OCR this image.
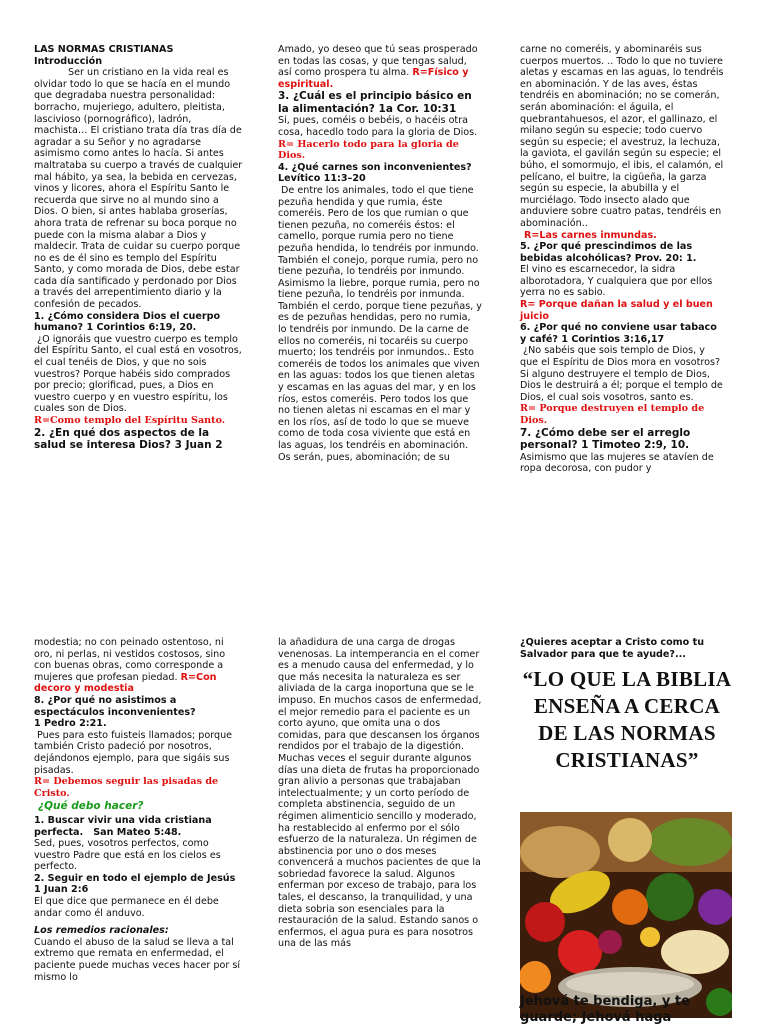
LAS NORMAS CRISTIANAS

Introducción

Ser un cristiano en la vida real es olvidar todo lo que se hacía en el mundo que degradaba nuestra personalidad: borracho, mujeriego, adultero, pleitista, lascivioso (pornográfico), ladrón, machista… El cristiano trata día tras día de agradar a su Señor y no agradarse asimismo como antes lo hacía. Si antes maltrataba su cuerpo a través de cualquier mal hábito, ya sea, la bebida en cervezas, vinos y licores, ahora el Espíritu Santo le recuerda que sirve no al mundo sino a Dios. O bien, si antes hablaba groserías, ahora trata de refrenar su boca porque no puede con la misma alabar a Dios y maldecir. Trata de cuidar su cuerpo porque no es de él sino es templo del Espíritu Santo, y como morada de Dios, debe estar cada día santificado y perdonado por Dios a través del arrepentimiento diario y la confesión de pecados.

1. ¿Cómo considera Dios el cuerpo humano? 1 Corintios 6:19, 20.

¿O ignoráis que vuestro cuerpo es templo del Espíritu Santo, el cual está en vosotros, el cual tenéis de Dios, y que no sois vuestros? Porque habéis sido comprados por precio; glorificad, pues, a Dios en vuestro cuerpo y en vuestro espíritu, los cuales son de Dios.

R=Como templo del Espíritu Santo.

2. ¿En qué dos aspectos de la salud se interesa Dios? 3 Juan 2

Amado, yo deseo que tú seas prosperado en todas las cosas, y que tengas salud, así como prospera tu alma. R=Físico y espiritual.

3. ¿Cuál es el principio básico en la alimentación? 1a Cor. 10:31

Si, pues, coméis o bebéis, o hacéis otra cosa, hacedlo todo para la gloria de Dios. R= Hacerlo todo para la gloria de Dios.

4. ¿Qué carnes son inconvenientes? Levítico 11:3–20

De entre los animales, todo el que tiene pezuña hendida y que rumia, éste comeréis. Pero de los que rumian o que tienen pezuña, no comeréis éstos: el camello, porque rumia pero no tiene pezuña hendida, lo tendréis por inmundo. También el conejo, porque rumia, pero no tiene pezuña, lo tendréis por inmundo. Asimismo la liebre, porque rumia, pero no tiene pezuña, lo tendréis por inmunda. También el cerdo, porque tiene pezuñas, y es de pezuñas hendidas, pero no rumia, lo tendréis por inmundo. De la carne de ellos no comeréis, ni tocaréis su cuerpo muerto; los tendréis por inmundos.. Esto comeréis de todos los animales que viven en las aguas: todos los que tienen aletas y escamas en las aguas del mar, y en los ríos, estos comeréis. Pero todos los que no tienen aletas ni escamas en el mar y en los ríos, así de todo lo que se mueve como de toda cosa viviente que está en las aguas, los tendréis en abominación. Os serán, pues, abominación; de su

carne no comeréis, y abominaréis sus cuerpos muertos. .. Todo lo que no tuviere aletas y escamas en las aguas, lo tendréis en abominación. Y de las aves, éstas tendréis en abominación; no se comerán, serán abominación: el águila, el quebrantahuesos, el azor, el gallinazo, el milano según su especie; todo cuervo según su especie; el avestruz, la lechuza, la gaviota, el gavilán según su especie; el búho, el somormujo, el ibis, el calamón, el pelícano, el buitre, la cigüeña, la garza según su especie, la abubilla y el murciélago. Todo insecto alado que anduviere sobre cuatro patas, tendréis en abominación..

R=Las carnes inmundas.

5. ¿Por qué prescindimos de las bebidas alcohólicas? Prov. 20: 1.

El vino es escarnecedor, la sidra alborotadora, Y cualquiera que por ellos yerra no es sabio.

R= Porque dañan la salud y el buen juicio

6. ¿Por qué no conviene usar tabaco y café? 1 Corintios 3:16,17

¿No sabéis que sois templo de Dios, y que el Espíritu de Dios mora en vosotros? Si alguno destruyere el templo de Dios, Dios le destruirá a él; porque el templo de Dios, el cual sois vosotros, santo es.

R= Porque destruyen el templo de Dios.

7. ¿Cómo debe ser el arreglo personal? 1 Timoteo 2:9, 10.

Asimismo que las mujeres se atavíen de ropa decorosa, con pudor y

modestia; no con peinado ostentoso, ni oro, ni perlas, ni vestidos costosos, sino con buenas obras, como corresponde a mujeres que profesan piedad. R=Con decoro y modestia

8. ¿Por qué no asistimos a espectáculos inconvenientes?

1 Pedro 2:21.

Pues para esto fuisteis llamados; porque también Cristo padeció por nosotros, dejándonos ejemplo, para que sigáis sus pisadas.

R= Debemos seguir las pisadas de Cristo.

¿Qué debo hacer?

1. Buscar vivir una vida cristiana perfecta. San Mateo 5:48.

Sed, pues, vosotros perfectos, como vuestro Padre que está en los cielos es perfecto.

2. Seguir en todo el ejemplo de Jesús 1 Juan 2:6

El que dice que permanece en él debe andar como él anduvo.

Los remedios racionales:

Cuando el abuso de la salud se lleva a tal extremo que remata en enfermedad, el paciente puede muchas veces hacer por sí mismo lo

la añadidura de una carga de drogas venenosas. La intemperancia en el comer es a menudo causa del enfermedad, y lo que más necesita la naturaleza es ser aliviada de la carga inoportuna que se le impuso. En muchos casos de enfermedad, el mejor remedio para el paciente es un corto ayuno, que omita una o dos comidas, para que descansen los órganos rendidos por el trabajo de la digestión. Muchas veces el seguir durante algunos días una dieta de frutas ha proporcionado gran alivio a personas que trabajaban intelectualmente; y un corto período de completa abstinencia, seguido de un régimen alimenticio sencillo y moderado, ha restablecido al enfermo por el sólo esfuerzo de la naturaleza. Un régimen de abstinencia por uno o dos meses convencerá a muchos pacientes de que la sobriedad favorece la salud. Algunos enferman por exceso de trabajo, para los tales, el descanso, la tranquilidad, y una dieta sobria son esenciales para la restauración de la salud. Estando sanos o enfermos, el agua pura es para nosotros una de las más

¿Quieres aceptar a Cristo como tu Salvador para que te ayude?...

“LO QUE LA BIBLIA ENSEÑA A CERCA DE LAS NORMAS CRISTIANAS”

Jehová te bendiga, y te guarde; Jehová haga
